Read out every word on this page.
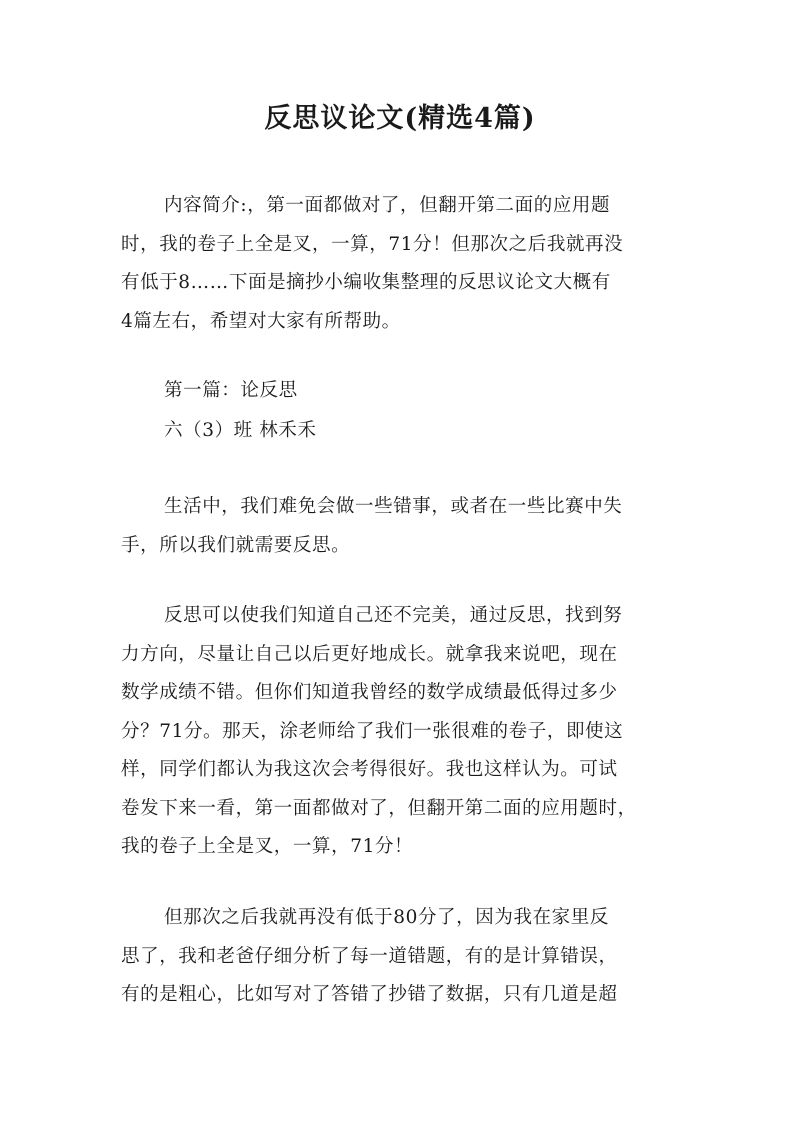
反思议论文(精选4篇)
内容简介:，第一面都做对了，但翻开第二面的应用题
时，我的卷子上全是叉，一算，71分！但那次之后我就再没
有低于8……下面是摘抄小编收集整理的反思议论文大概有
4篇左右，希望对大家有所帮助。
第一篇：论反思
六（3）班 林禾禾
生活中，我们难免会做一些错事，或者在一些比赛中失
手，所以我们就需要反思。
反思可以使我们知道自己还不完美，通过反思，找到努
力方向，尽量让自己以后更好地成长。就拿我来说吧，现在
数学成绩不错。但你们知道我曾经的数学成绩最低得过多少
分？71分。那天，涂老师给了我们一张很难的卷子，即使这
样，同学们都认为我这次会考得很好。我也这样认为。可试
卷发下来一看，第一面都做对了，但翻开第二面的应用题时，
我的卷子上全是叉，一算，71分！
但那次之后我就再没有低于80分了，因为我在家里反
思了，我和老爸仔细分析了每一道错题，有的是计算错误，
有的是粗心，比如写对了答错了抄错了数据，只有几道是超
